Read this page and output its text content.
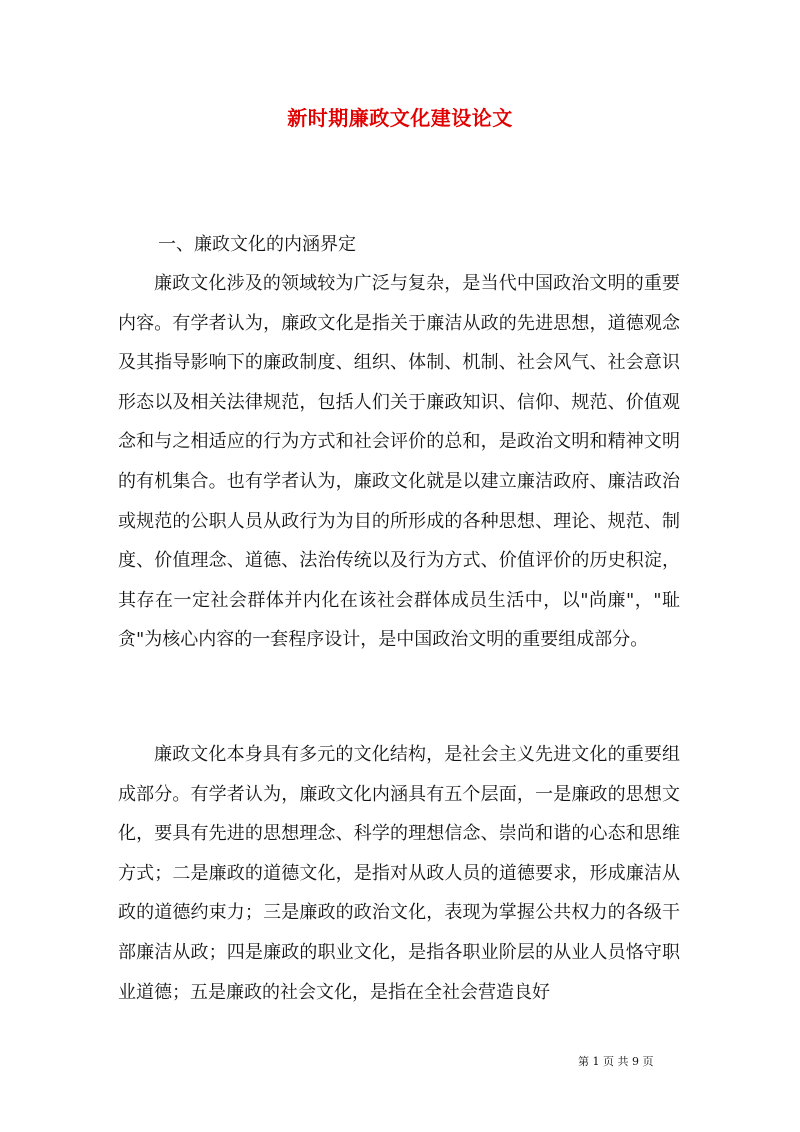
新时期廉政文化建设论文
一、廉政文化的内涵界定

廉政文化涉及的领域较为广泛与复杂，是当代中国政治文明的重要内容。有学者认为，廉政文化是指关于廉洁从政的先进思想，道德观念及其指导影响下的廉政制度、组织、体制、机制、社会风气、社会意识形态以及相关法律规范，包括人们关于廉政知识、信仰、规范、价值观念和与之相适应的行为方式和社会评价的总和，是政治文明和精神文明的有机集合。也有学者认为，廉政文化就是以建立廉洁政府、廉洁政治或规范的公职人员从政行为为目的所形成的各种思想、理论、规范、制度、价值理念、道德、法治传统以及行为方式、价值评价的历史积淀，其存在一定社会群体并内化在该社会群体成员生活中，以"尚廉"，"耻贪"为核心内容的一套程序设计，是中国政治文明的重要组成部分。

廉政文化本身具有多元的文化结构，是社会主义先进文化的重要组成部分。有学者认为，廉政文化内涵具有五个层面，一是廉政的思想文化，要具有先进的思想理念、科学的理想信念、崇尚和谐的心态和思维方式；二是廉政的道德文化，是指对从政人员的道德要求，形成廉洁从政的道德约束力；三是廉政的政治文化，表现为掌握公共权力的各级干部廉洁从政；四是廉政的职业文化，是指各职业阶层的从业人员恪守职业道德；五是廉政的社会文化，是指在全社会营造良好

第 1 页 共 9 页
